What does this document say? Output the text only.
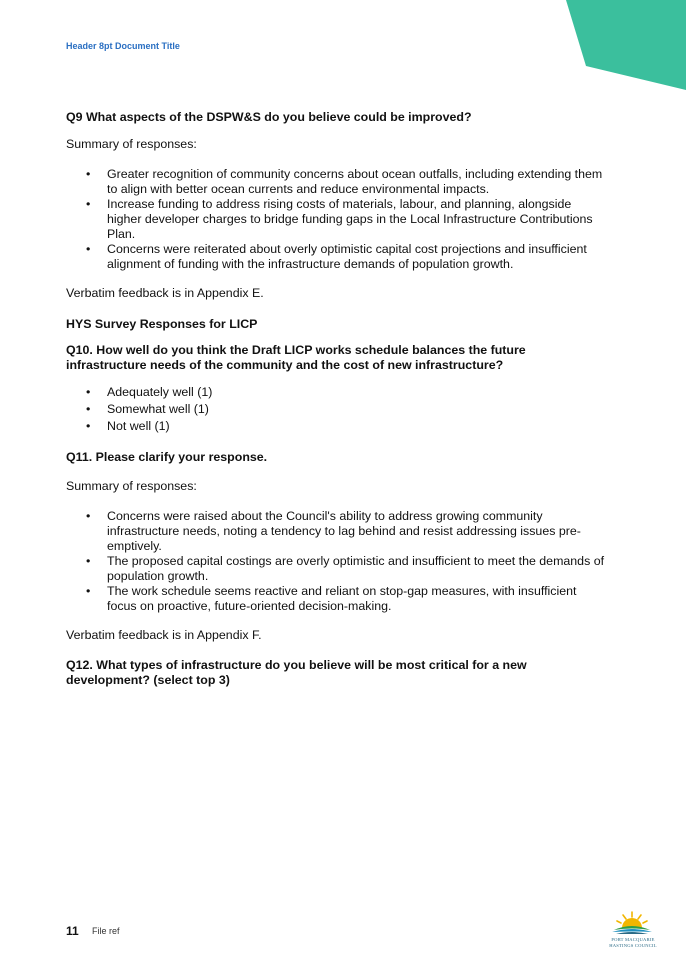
Header 8pt Document Title

Q9 What aspects of the DSPW&S do you believe could be improved?

Summary of responses:

• Greater recognition of community concerns about ocean outfalls, including extending them
to align with better ocean currents and reduce environmental impacts.
• Increase funding to address rising costs of materials, labour, and planning, alongside
higher developer charges to bridge funding gaps in the Local Infrastructure Contributions
Plan.
• Concerns were reiterated about overly optimistic capital cost projections and insufficient
alignment of funding with the infrastructure demands of population growth.

Verbatim feedback is in Appendix E.

HYS Survey Responses for LICP

Q10. How well do you think the Draft LICP works schedule balances the future
infrastructure needs of the community and the cost of new infrastructure?

• Adequately well (1)
• Somewhat well (1)
• Not well (1)

Q11. Please clarify your response.

Summary of responses:

• Concerns were raised about the Council's ability to address growing community
infrastructure needs, noting a tendency to lag behind and resist addressing issues pre-
emptively.
• The proposed capital costings are overly optimistic and insufficient to meet the demands of
population growth.
• The work schedule seems reactive and reliant on stop-gap measures, with insufficient
focus on proactive, future-oriented decision-making.

Verbatim feedback is in Appendix F.

Q12. What types of infrastructure do you believe will be most critical for a new
development? (select top 3)

11 File ref
PORT MACQUARIE
HASTINGS COUNCIL
